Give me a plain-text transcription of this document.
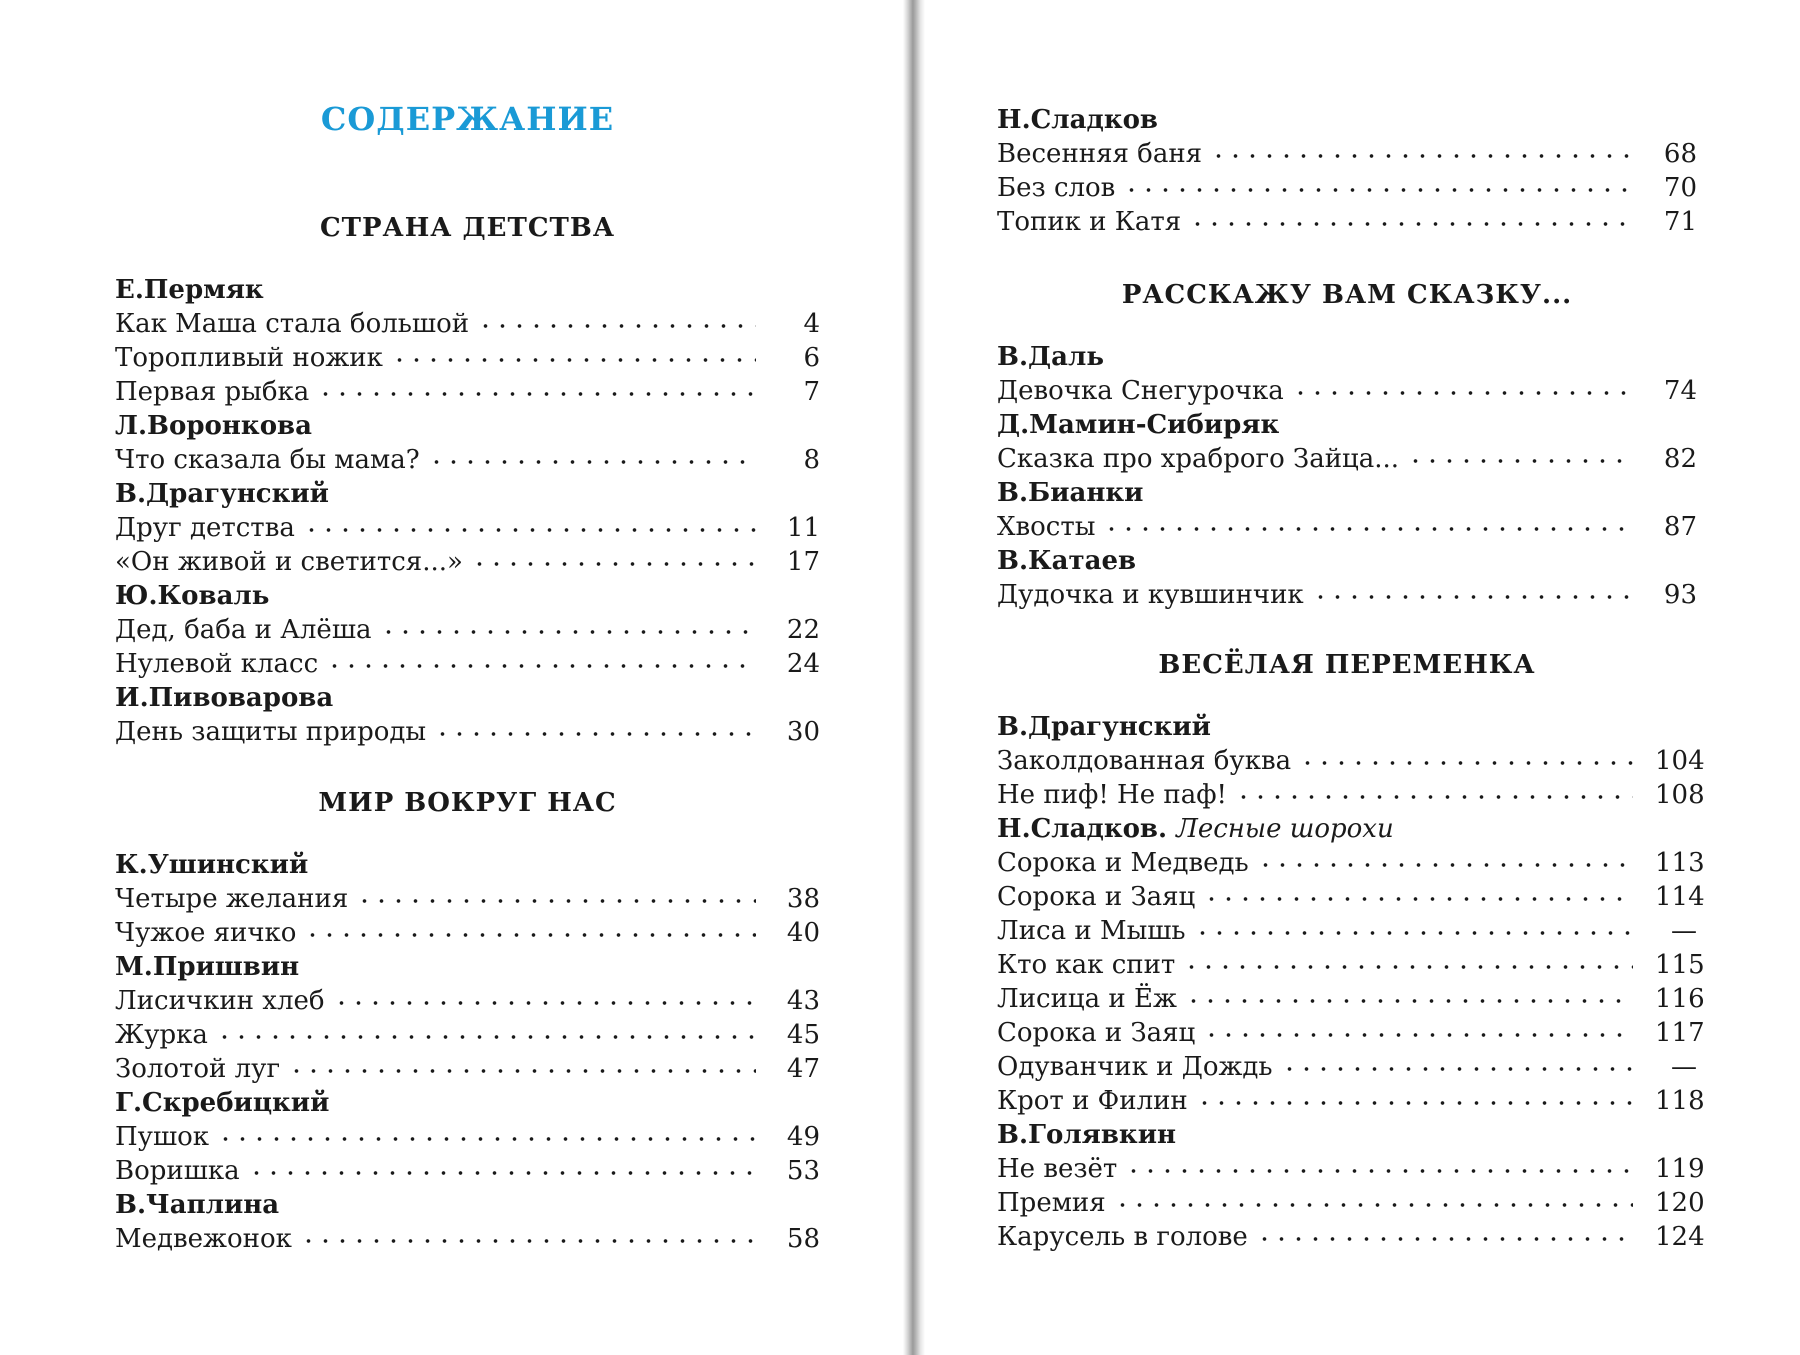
СОДЕРЖАНИЕ
СТРАНА ДЕТСТВА
Е.Пермяк
Как Маша стала большой	4
Торопливый ножик	6
Первая рыбка	7
Л.Воронкова
Что сказала бы мама?	8
В.Драгунский
Друг детства	11
«Он живой и светится...»	17
Ю.Коваль
Дед, баба и Алёша	22
Нулевой класс	24
И.Пивоварова
День защиты природы	30
МИР ВОКРУГ НАС
К.Ушинский
Четыре желания	38
Чужое яичко	40
М.Пришвин
Лисичкин хлеб	43
Журка	45
Золотой луг	47
Г.Скребицкий
Пушок	49
Воришка	53
В.Чаплина
Медвежонок	58
Н.Сладков
Весенняя баня	68
Без слов	70
Топик и Катя	71
РАССКАЖУ ВАМ СКАЗКУ...
В.Даль
Девочка Снегурочка	74
Д.Мамин-Сибиряк
Сказка про храброго Зайца...	82
В.Бианки
Хвосты	87
В.Катаев
Дудочка и кувшинчик	93
ВЕСЁЛАЯ ПЕРЕМЕНКА
В.Драгунский
Заколдованная буква	104
Не пиф! Не паф!	108
Н.Сладков. Лесные шорохи
Сорока и Медведь	113
Сорока и Заяц	114
Лиса и Мышь	—
Кто как спит	115
Лисица и Ёж	116
Сорока и Заяц	117
Одуванчик и Дождь	—
Крот и Филин	118
В.Голявкин
Не везёт	119
Премия	120
Карусель в голове	124
